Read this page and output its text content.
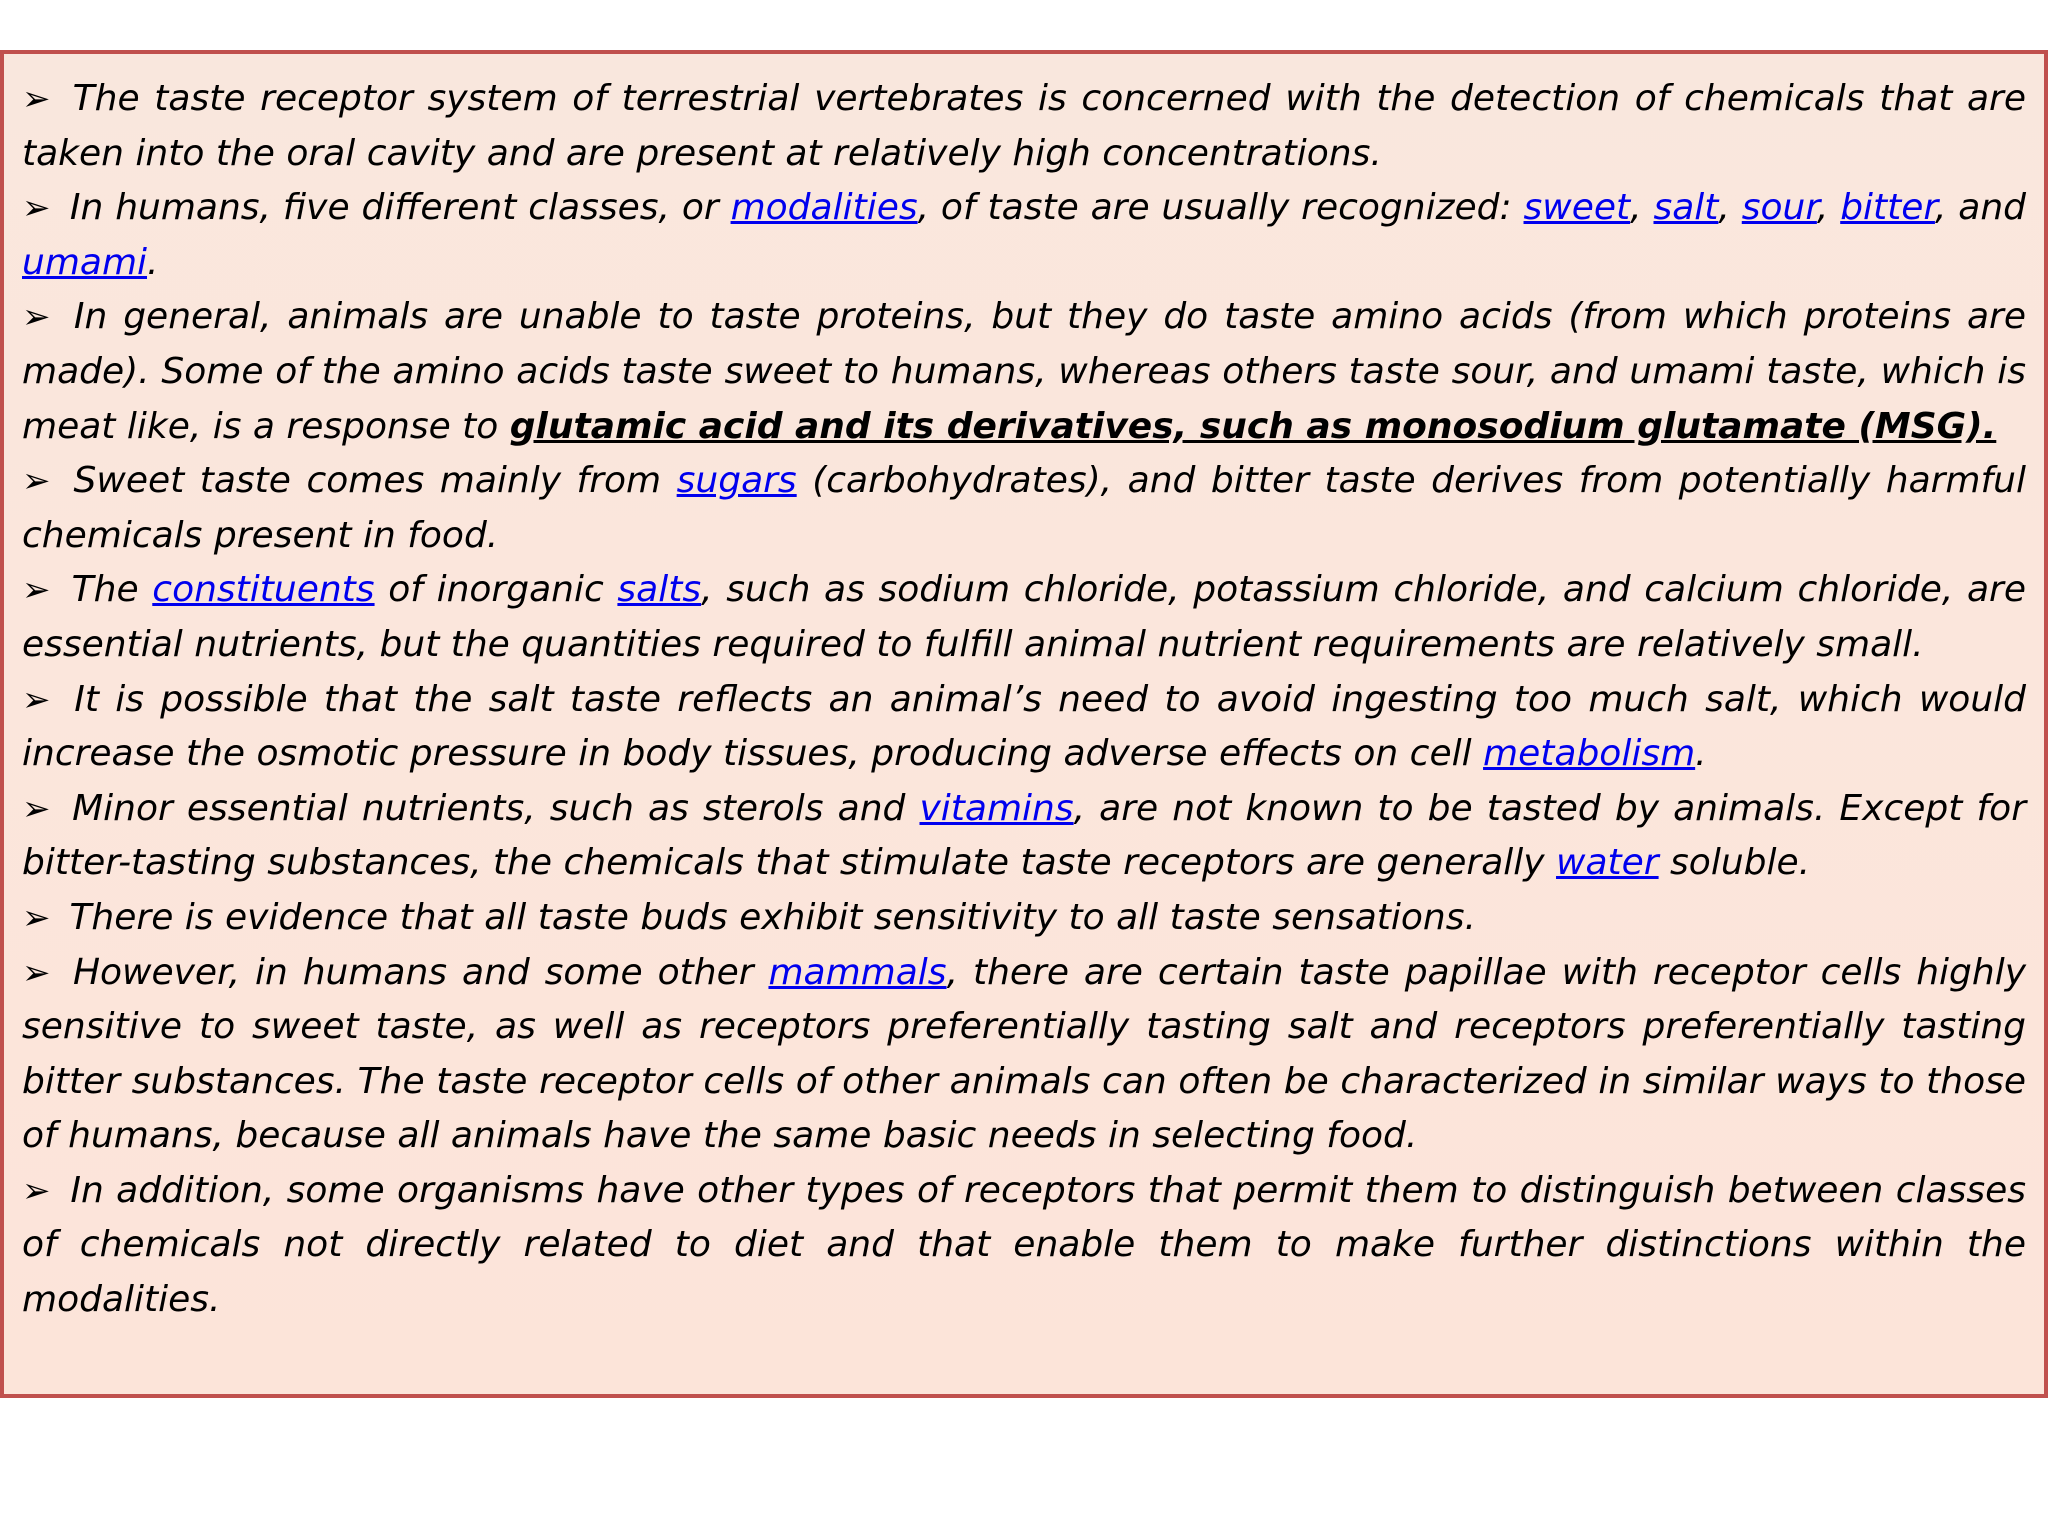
➢ The taste receptor system of terrestrial vertebrates is concerned with the detection of chemicals that are taken into the oral cavity and are present at relatively high concentrations.
➢ In humans, five different classes, or modalities, of taste are usually recognized: sweet, salt, sour, bitter, and umami.
➢ In general, animals are unable to taste proteins, but they do taste amino acids (from which proteins are made). Some of the amino acids taste sweet to humans, whereas others taste sour, and umami taste, which is meat like, is a response to glutamic acid and its derivatives, such as monosodium glutamate (MSG).
➢ Sweet taste comes mainly from sugars (carbohydrates), and bitter taste derives from potentially harmful chemicals present in food.
➢ The constituents of inorganic salts, such as sodium chloride, potassium chloride, and calcium chloride, are essential nutrients, but the quantities required to fulfill animal nutrient requirements are relatively small.
➢ It is possible that the salt taste reflects an animal’s need to avoid ingesting too much salt, which would increase the osmotic pressure in body tissues, producing adverse effects on cell metabolism.
➢ Minor essential nutrients, such as sterols and vitamins, are not known to be tasted by animals. Except for bitter-tasting substances, the chemicals that stimulate taste receptors are generally water soluble.
➢ There is evidence that all taste buds exhibit sensitivity to all taste sensations.
➢ However, in humans and some other mammals, there are certain taste papillae with receptor cells highly sensitive to sweet taste, as well as receptors preferentially tasting salt and receptors preferentially tasting bitter substances. The taste receptor cells of other animals can often be characterized in similar ways to those of humans, because all animals have the same basic needs in selecting food.
➢ In addition, some organisms have other types of receptors that permit them to distinguish between classes of chemicals not directly related to diet and that enable them to make further distinctions within the modalities.
